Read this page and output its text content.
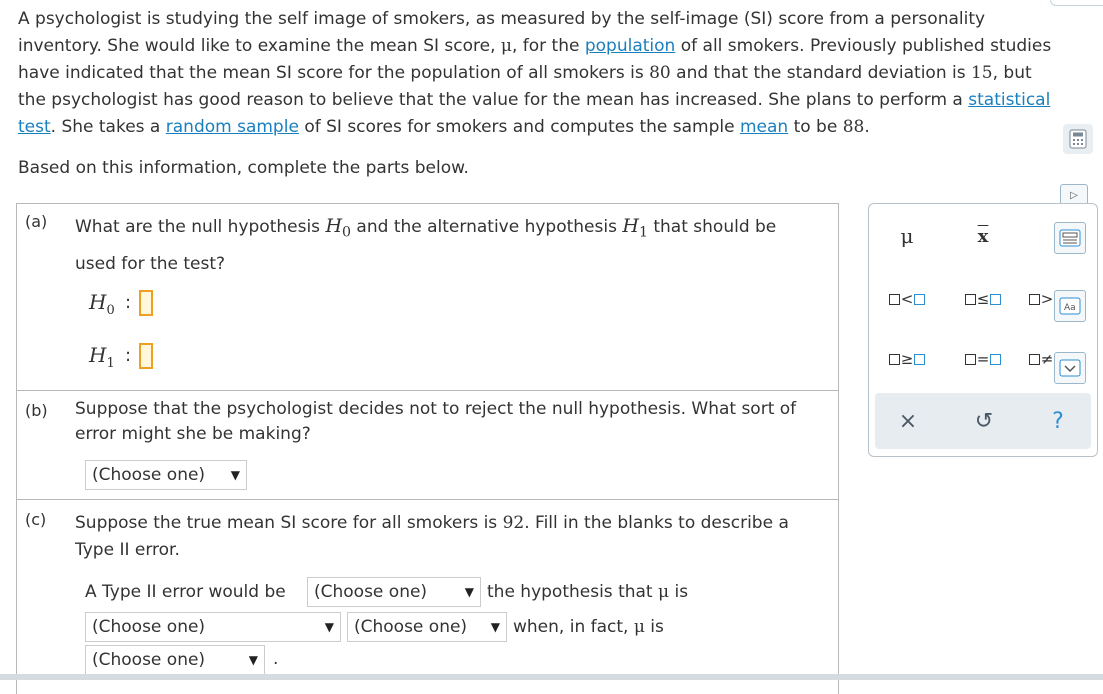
A psychologist is studying the self image of smokers, as measured by the self-image (SI) score from a personality
inventory. She would like to examine the mean SI score, μ, for the population of all smokers. Previously published studies
have indicated that the mean SI score for the population of all smokers is 80 and that the standard deviation is 15, but
the psychologist has good reason to believe that the value for the mean has increased. She plans to perform a statistical
test. She takes a random sample of SI scores for smokers and computes the sample mean to be 88.

Based on this information, complete the parts below.

▷
(a) What are the null hypothesis $H_0$ and the alternative hypothesis $H_1$ that should be
used for the test?
$H_0$ :
$H_1$ :
(b) Suppose that the psychologist decides not to reject the null hypothesis. What sort of
error might she be making?
(Choose one) ▼
(c) Suppose the true mean SI score for all smokers is 92. Fill in the blanks to describe a
Type II error.
A Type II error would be (Choose one)	▼ the hypothesis that μ is
(Choose one)	▼ (Choose one) ▼ when, in fact, μ is
(Choose one)	▼ .
μ	$\overline{x}$
<	≤	>
≥	=	≠
Aa
×	↺	?
